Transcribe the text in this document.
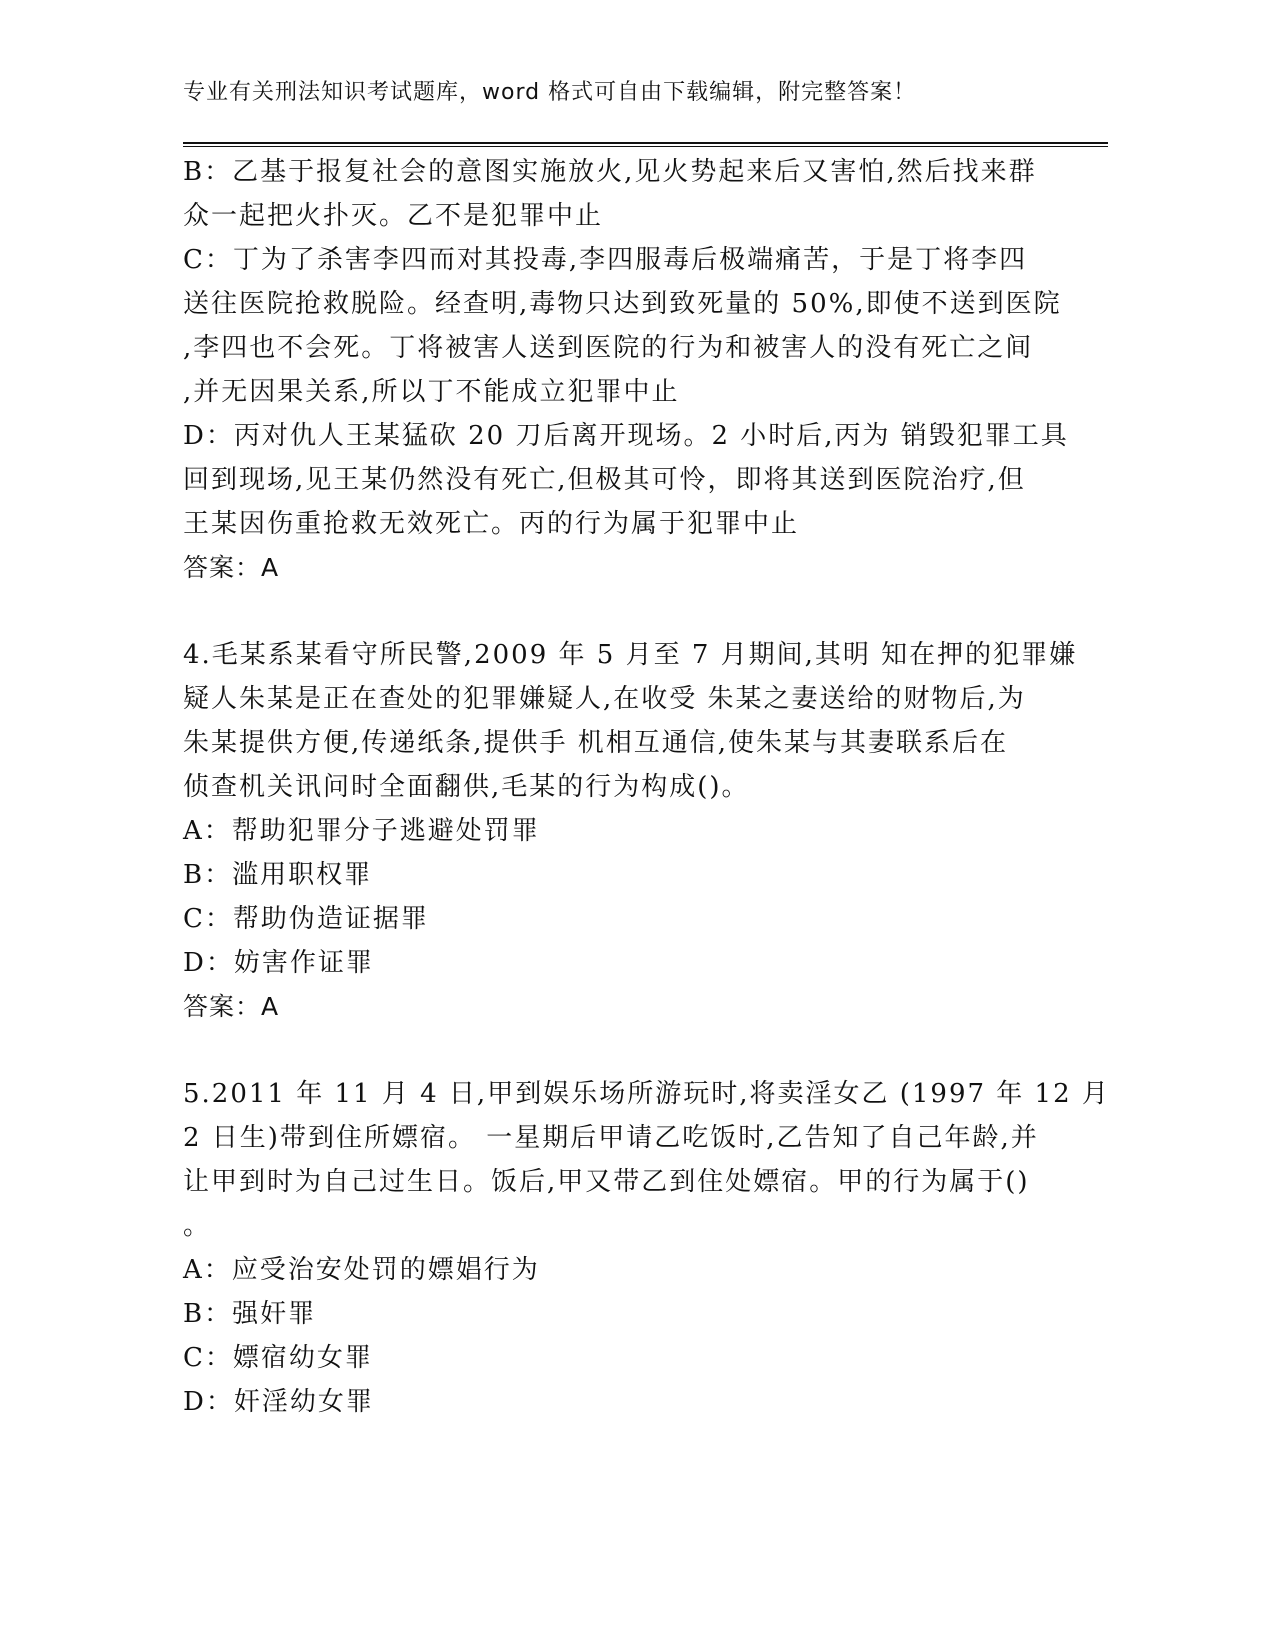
专业有关刑法知识考试题库，word 格式可自由下载编辑，附完整答案！
B：乙基于报复社会的意图实施放火,见火势起来后又害怕,然后找来群
众一起把火扑灭。乙不是犯罪中止
C：丁为了杀害李四而对其投毒,李四服毒后极端痛苦，于是丁将李四
送往医院抢救脱险。经查明,毒物只达到致死量的 50%,即使不送到医院
,李四也不会死。丁将被害人送到医院的行为和被害人的没有死亡之间
,并无因果关系,所以丁不能成立犯罪中止
D：丙对仇人王某猛砍 20 刀后离开现场。2 小时后,丙为 销毁犯罪工具
回到现场,见王某仍然没有死亡,但极其可怜，即将其送到医院治疗,但
王某因伤重抢救无效死亡。丙的行为属于犯罪中止
答案：A
4.毛某系某看守所民警,2009 年 5 月至 7 月期间,其明 知在押的犯罪嫌
疑人朱某是正在查处的犯罪嫌疑人,在收受 朱某之妻送给的财物后,为
朱某提供方便,传递纸条,提供手 机相互通信,使朱某与其妻联系后在
侦查机关讯问时全面翻供,毛某的行为构成()。
A：帮助犯罪分子逃避处罚罪
B：滥用职权罪
C：帮助伪造证据罪
D：妨害作证罪
答案：A
5.2011 年 11 月 4 日,甲到娱乐场所游玩时,将卖淫女乙 (1997 年 12 月
2 日生)带到住所嫖宿。 一星期后甲请乙吃饭时,乙告知了自己年龄,并
让甲到时为自己过生日。饭后,甲又带乙到住处嫖宿。甲的行为属于()
。
A：应受治安处罚的嫖娼行为
B：强奸罪
C：嫖宿幼女罪
D：奸淫幼女罪
